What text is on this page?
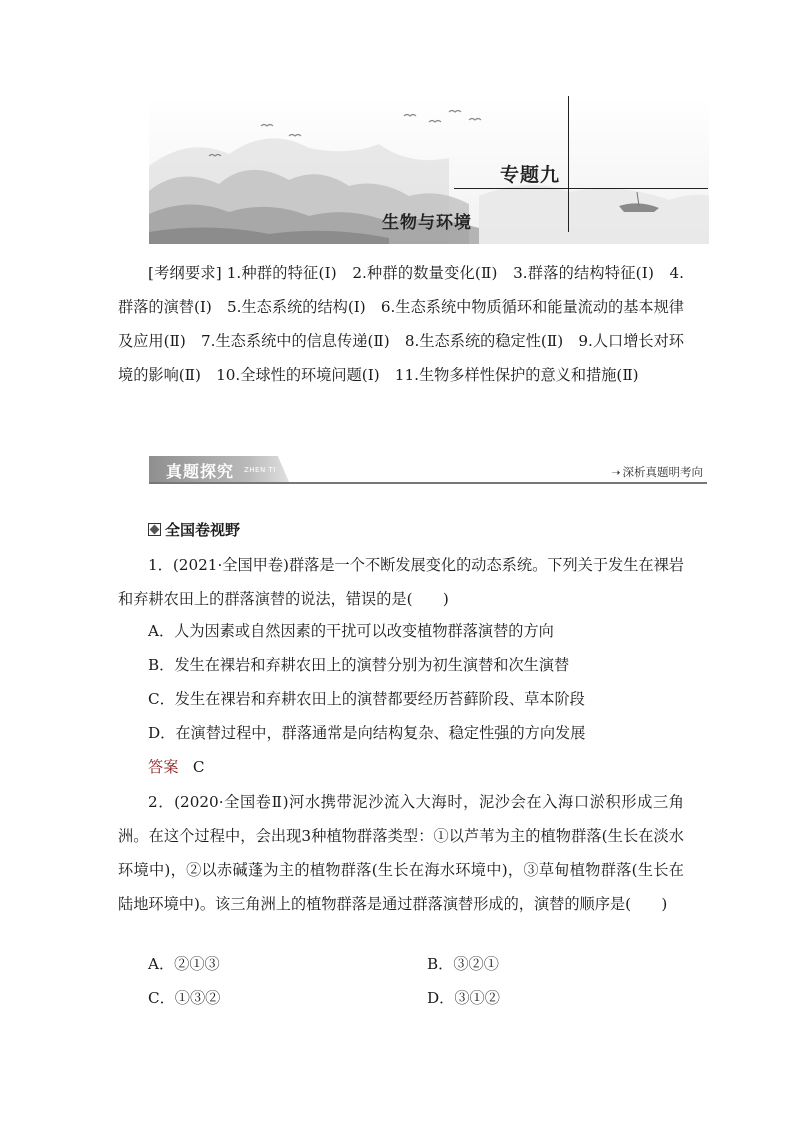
专题九
生物与环境
[考纲要求] 1.种群的特征(Ⅰ)　2.种群的数量变化(Ⅱ)　3.群落的结构特征(Ⅰ)　4.群落的演替(Ⅰ)　5.生态系统的结构(Ⅰ)　6.生态系统中物质循环和能量流动的基本规律及应用(Ⅱ)　7.生态系统中的信息传递(Ⅱ)　8.生态系统的稳定性(Ⅱ)　9.人口增长对环境的影响(Ⅱ)　10.全球性的环境问题(Ⅰ)　11.生物多样性保护的意义和措施(Ⅱ)
真题探究 ZHEN TI	➝ 深析真题明考向
全国卷视野
1．(2021·全国甲卷)群落是一个不断发展变化的动态系统。下列关于发生在裸岩和弃耕农田上的群落演替的说法，错误的是(　　)
A．人为因素或自然因素的干扰可以改变植物群落演替的方向
B．发生在裸岩和弃耕农田上的演替分别为初生演替和次生演替
C．发生在裸岩和弃耕农田上的演替都要经历苔藓阶段、草本阶段
D．在演替过程中，群落通常是向结构复杂、稳定性强的方向发展
答案 C
2．(2020·全国卷Ⅱ)河水携带泥沙流入大海时，泥沙会在入海口淤积形成三角洲。在这个过程中，会出现3种植物群落类型：①以芦苇为主的植物群落(生长在淡水环境中)，②以赤碱蓬为主的植物群落(生长在海水环境中)，③草甸植物群落(生长在陆地环境中)。该三角洲上的植物群落是通过群落演替形成的，演替的顺序是(　　)
A．②①③	B．③②①
C．①③②	D．③①②
